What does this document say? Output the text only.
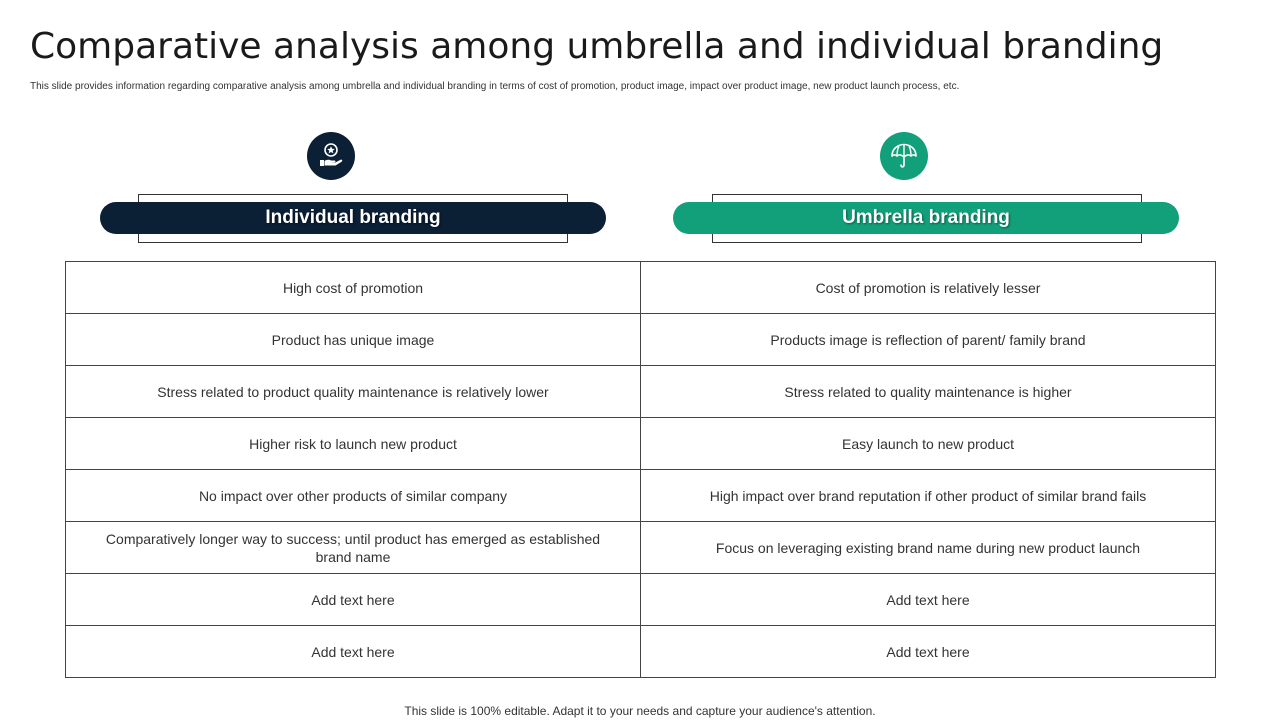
Comparative analysis among umbrella and individual branding
This slide provides information regarding comparative analysis among umbrella and individual branding in terms of cost of promotion, product image, impact over product image, new product launch process, etc.
Individual branding	Umbrella branding
High cost of promotion	Cost of promotion is relatively lesser
Product has unique image	Products image is reflection of parent/ family brand
Stress related to product quality maintenance is relatively lower	Stress related to quality maintenance is higher
Higher risk to launch new product	Easy launch to new product
No impact over other products of similar company	High impact over brand reputation if other product of similar brand fails
Comparatively longer way to success; until product has emerged as established brand name	Focus on leveraging existing brand name during new product launch
Add text here	Add text here
Add text here	Add text here
This slide is 100% editable. Adapt it to your needs and capture your audience's attention.
